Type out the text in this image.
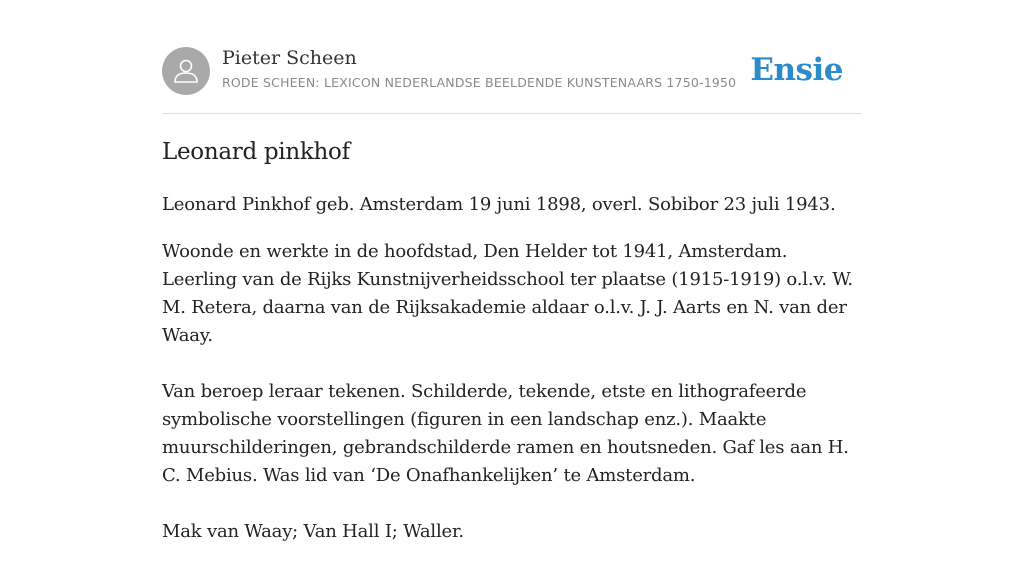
Pieter Scheen
RODE SCHEEN: LEXICON NEDERLANDSE BEELDENDE KUNSTENAARS 1750-1950 Ensie
Leonard pinkhof

Leonard Pinkhof geb. Amsterdam 19 juni 1898, overl. Sobibor 23 juli 1943.

Woonde en werkte in de hoofdstad, Den Helder tot 1941, Amsterdam. Leerling van de Rijks Kunstnijverheidsschool ter plaatse (1915-1919) o.l.v. W. M. Retera, daarna van de Rijksakademie aldaar o.l.v. J. J. Aarts en N. van der Waay.

Van beroep leraar tekenen. Schilderde, tekende, etste en lithografeerde symbolische voorstellingen (figuren in een landschap enz.). Maakte muurschilderingen, gebrandschilderde ramen en houtsneden. Gaf les aan H. C. Mebius. Was lid van ‘De Onafhankelijken’ te Amsterdam.

Mak van Waay; Van Hall I; Waller.
